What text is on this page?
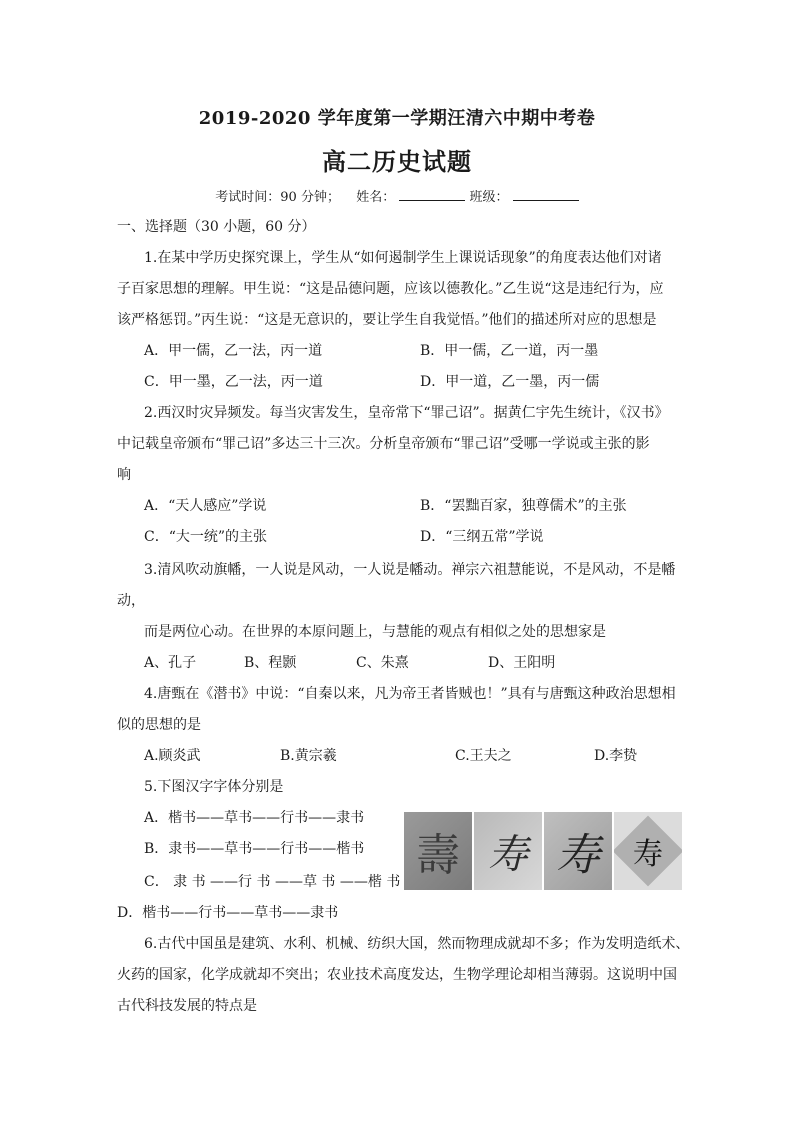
2019-2020 学年度第一学期汪清六中期中考卷
高二历史试题
考试时间：90 分钟； 姓名：	班级：
一、选择题（30 小题，60 分）
1.在某中学历史探究课上，学生从“如何遏制学生上课说话现象”的角度表达他们对诸
子百家思想的理解。甲生说：“这是品德问题，应该以德教化。”乙生说“这是违纪行为，应
该严格惩罚。”丙生说：“这是无意识的，要让学生自我觉悟。”他们的描述所对应的思想是
A．甲一儒，乙一法，丙一道	B．甲一儒，乙一道，丙一墨
C．甲一墨，乙一法，丙一道	D．甲一道，乙一墨，丙一儒
2.西汉时灾异频发。每当灾害发生，皇帝常下“罪己诏”。据黄仁宇先生统计，《汉书》
中记载皇帝颁布“罪己诏”多达三十三次。分析皇帝颁布“罪己诏”受哪一学说或主张的影
响
A．“天人感应”学说	B．“罢黜百家，独尊儒术”的主张
C．“大一统”的主张	D．“三纲五常”学说
3.清风吹动旗幡，一人说是风动，一人说是幡动。禅宗六祖慧能说，不是风动，不是幡
动，
而是两位心动。在世界的本原问题上，与慧能的观点有相似之处的思想家是
A、孔子	B、程颢	C、朱熹	D、王阳明
4.唐甄在《潜书》中说：“自秦以来，凡为帝王者皆贼也！”具有与唐甄这种政治思想相
似的思想的是
A.顾炎武	B.黄宗羲	C.王夫之	D.李贽
5.下图汉字字体分别是
A．楷书——草书——行书——隶书
B．隶书——草书——行书——楷书
C． 隶 书 ——行 书 ——草 书 ——楷 书
D．楷书——行书——草书——隶书
壽 寿 寿 寿
6.古代中国虽是建筑、水利、机械、纺织大国，然而物理成就却不多；作为发明造纸术、
火药的国家，化学成就却不突出；农业技术高度发达，生物学理论却相当薄弱。这说明中国
古代科技发展的特点是
